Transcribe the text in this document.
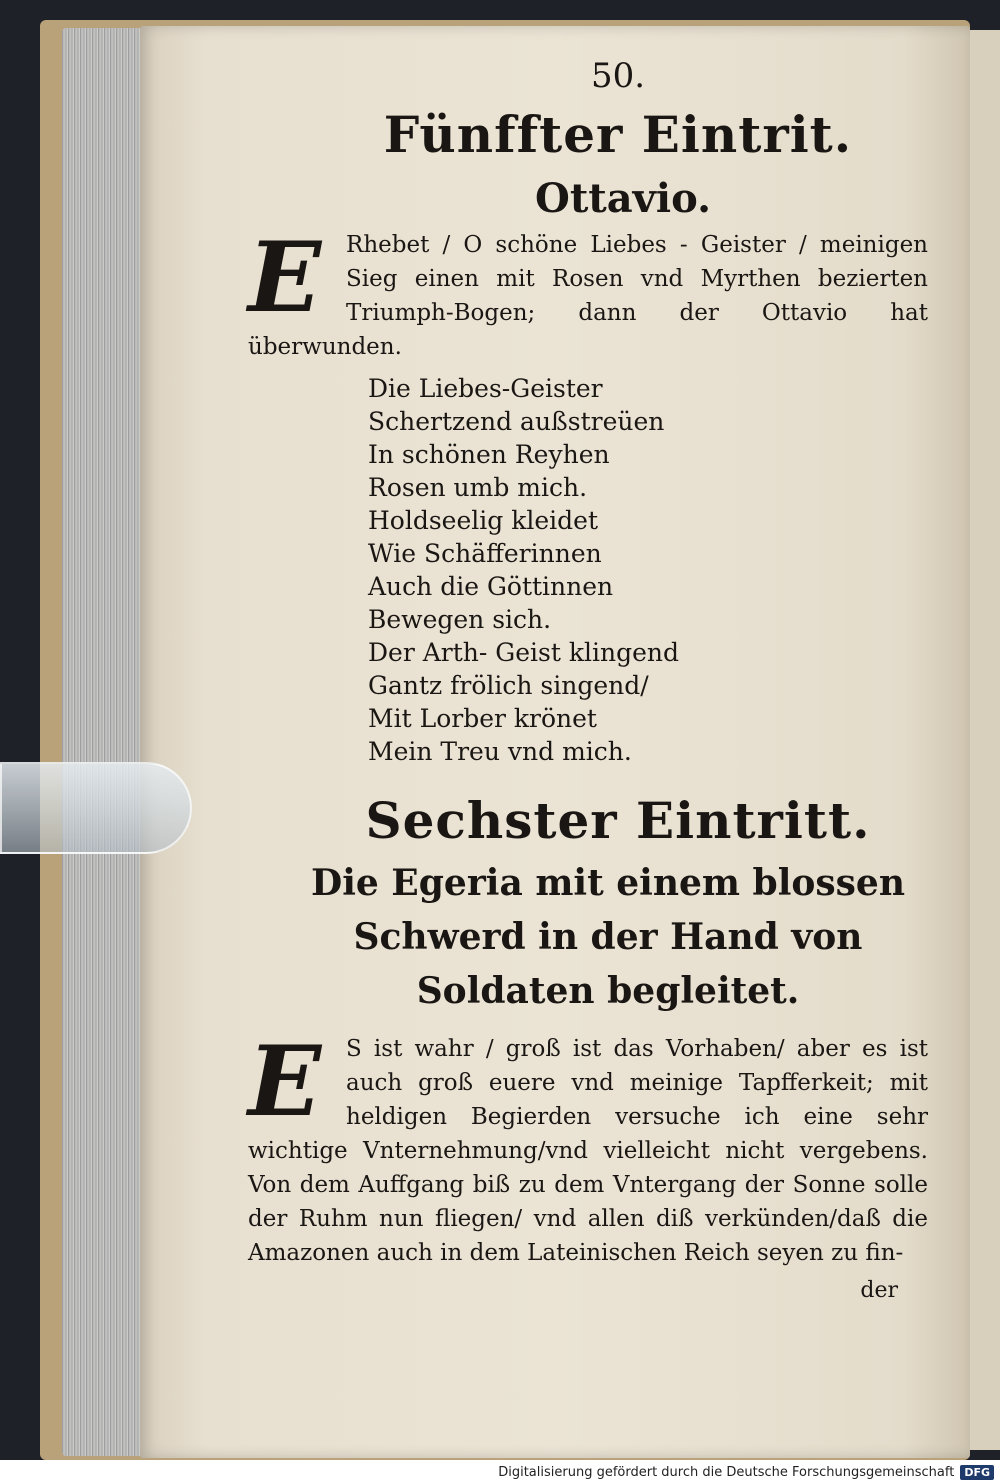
50.
Fünffter Eintrit.
Ottavio.
E	Rhebet / O schöne Liebes - Geister / meinigen Sieg einen mit Rosen vnd Myrthen bezierten Triumph-Bogen; dann der Ottavio hat überwunden.
Die Liebes-Geister
Schertzend außstreüen
In schönen Reyhen
Rosen umb mich.
Holdseelig kleidet
Wie Schäfferinnen
Auch die Göttinnen
Bewegen sich.
Der Arth- Geist klingend
Gantz frölich singend/
Mit Lorber krönet
Mein Treu vnd mich.
Sechster Eintritt.
Die Egeria mit einem blossen Schwerd in der Hand von Soldaten begleitet.
E	S ist wahr / groß ist das Vorhaben/ aber es ist auch groß euere vnd meinige Tapfferkeit; mit heldigen Begierden versuche ich eine sehr wichtige Vnternehmung/vnd vielleicht nicht vergebens. Von dem Auffgang biß zu dem Vntergang der Sonne solle der Ruhm nun fliegen/ vnd allen diß verkünden/daß die Amazonen auch in dem Lateinischen Reich seyen zu fin-
der
Digitalisierung gefördert durch die Deutsche Forschungsgemeinschaft DFG
